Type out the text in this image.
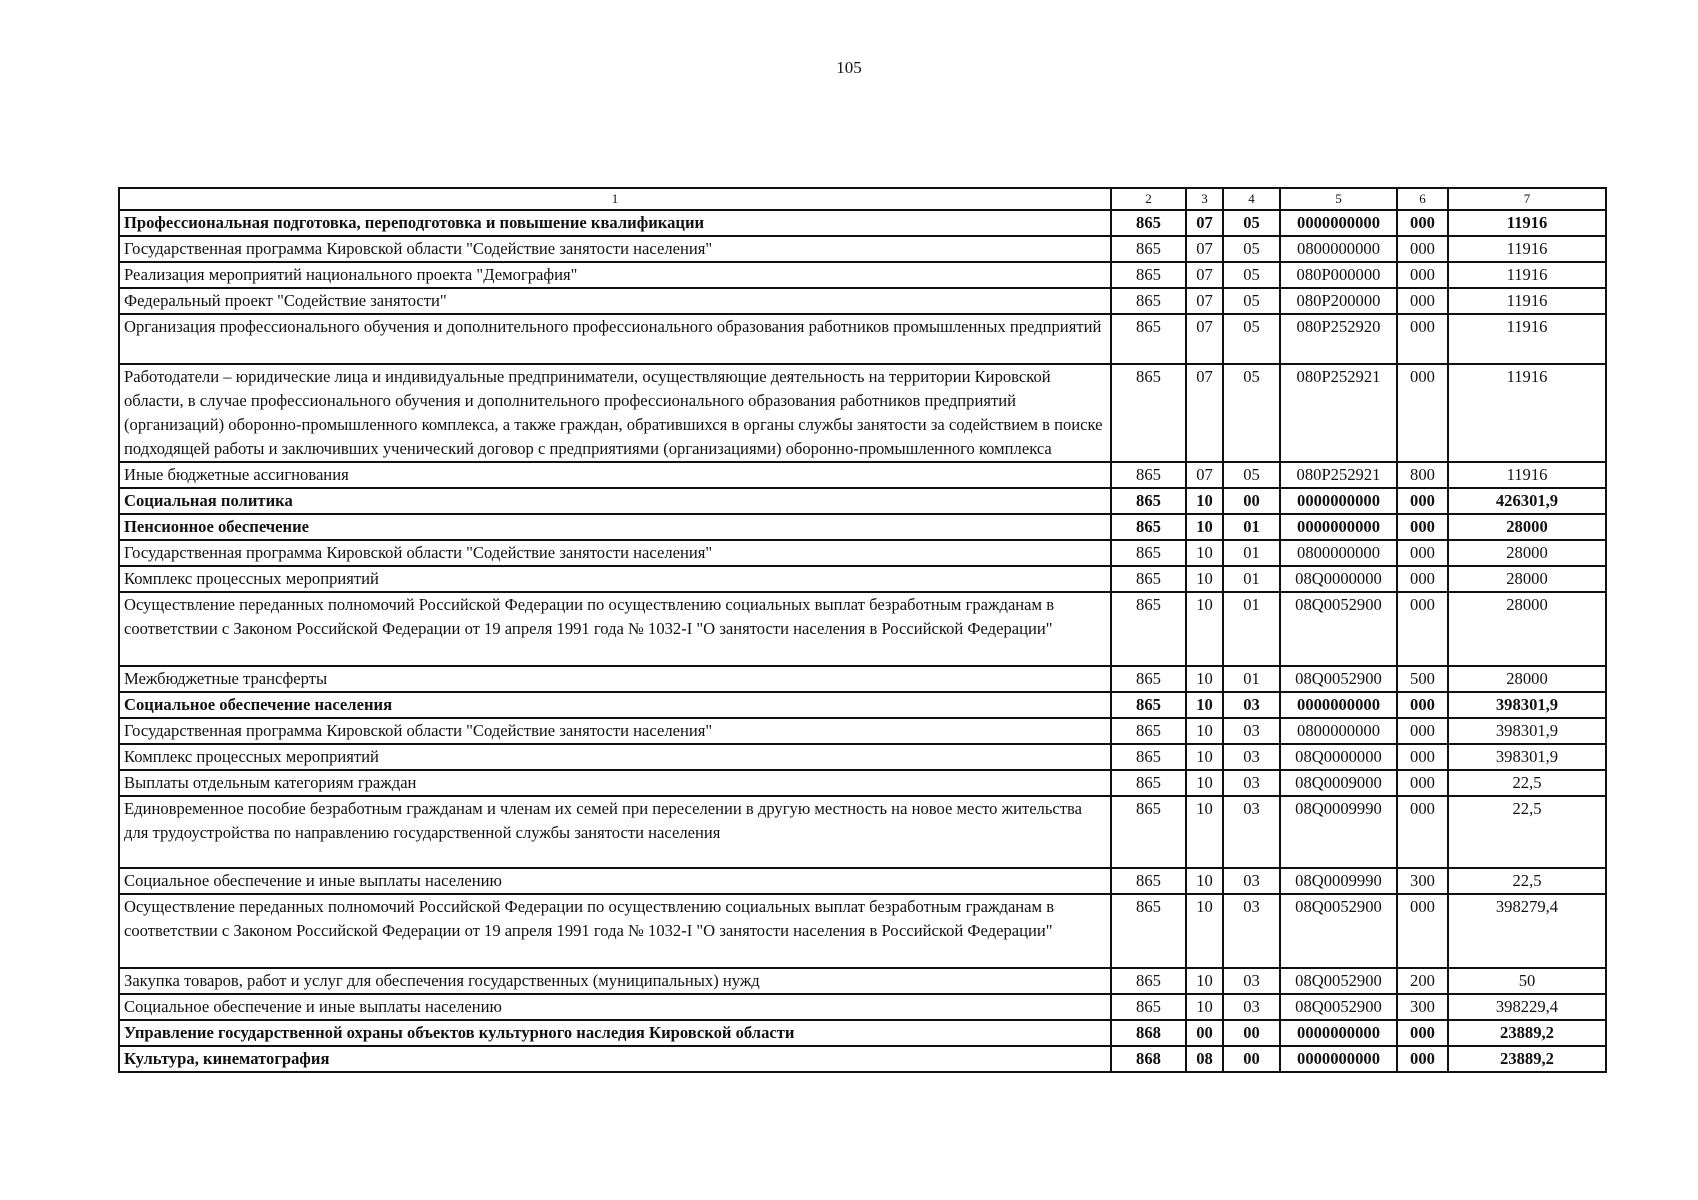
105
1	2	3	4	5	6	7
Профессиональная подготовка, переподготовка и повышение квалификации	865	07	05	0000000000	000	11916
Государственная программа Кировской области "Содействие занятости населения"	865	07	05	0800000000	000	11916
Реализация мероприятий национального проекта "Демография"	865	07	05	080P000000	000	11916
Федеральный проект "Содействие занятости"	865	07	05	080P200000	000	11916
Организация профессионального обучения и дополнительного профессионального образования работников промышленных предприятий	865	07	05	080P252920	000	11916
Работодатели – юридические лица и индивидуальные предприниматели, осуществляющие деятельность на территории Кировской области, в случае профессионального обучения и дополнительного профессионального образования работников предприятий (организаций) оборонно-промышленного комплекса, а также граждан, обратившихся в органы службы занятости за содействием в поиске подходящей работы и заключивших ученический договор с предприятиями (организациями) оборонно-промышленного комплекса	865	07	05	080P252921	000	11916
Иные бюджетные ассигнования	865	07	05	080P252921	800	11916
Социальная политика	865	10	00	0000000000	000	426301,9
Пенсионное обеспечение	865	10	01	0000000000	000	28000
Государственная программа Кировской области "Содействие занятости населения"	865	10	01	0800000000	000	28000
Комплекс процессных мероприятий	865	10	01	08Q0000000	000	28000
Осуществление переданных полномочий Российской Федерации по осуществлению социальных выплат безработным гражданам в соответствии с Законом Российской Федерации от 19 апреля 1991 года № 1032-I "О занятости населения в Российской Федерации"	865	10	01	08Q0052900	000	28000
Межбюджетные трансферты	865	10	01	08Q0052900	500	28000
Социальное обеспечение населения	865	10	03	0000000000	000	398301,9
Государственная программа Кировской области "Содействие занятости населения"	865	10	03	0800000000	000	398301,9
Комплекс процессных мероприятий	865	10	03	08Q0000000	000	398301,9
Выплаты отдельным категориям граждан	865	10	03	08Q0009000	000	22,5
Единовременное пособие безработным гражданам и членам их семей при переселении в другую местность на новое место жительства для трудоустройства по направлению государственной службы занятости населения	865	10	03	08Q0009990	000	22,5
Социальное обеспечение и иные выплаты населению	865	10	03	08Q0009990	300	22,5
Осуществление переданных полномочий Российской Федерации по осуществлению социальных выплат безработным гражданам в соответствии с Законом Российской Федерации от 19 апреля 1991 года № 1032-I "О занятости населения в Российской Федерации"	865	10	03	08Q0052900	000	398279,4
Закупка товаров, работ и услуг для обеспечения государственных (муниципальных) нужд	865	10	03	08Q0052900	200	50
Социальное обеспечение и иные выплаты населению	865	10	03	08Q0052900	300	398229,4
Управление государственной охраны объектов культурного наследия Кировской области	868	00	00	0000000000	000	23889,2
Культура, кинематография	868	08	00	0000000000	000	23889,2
